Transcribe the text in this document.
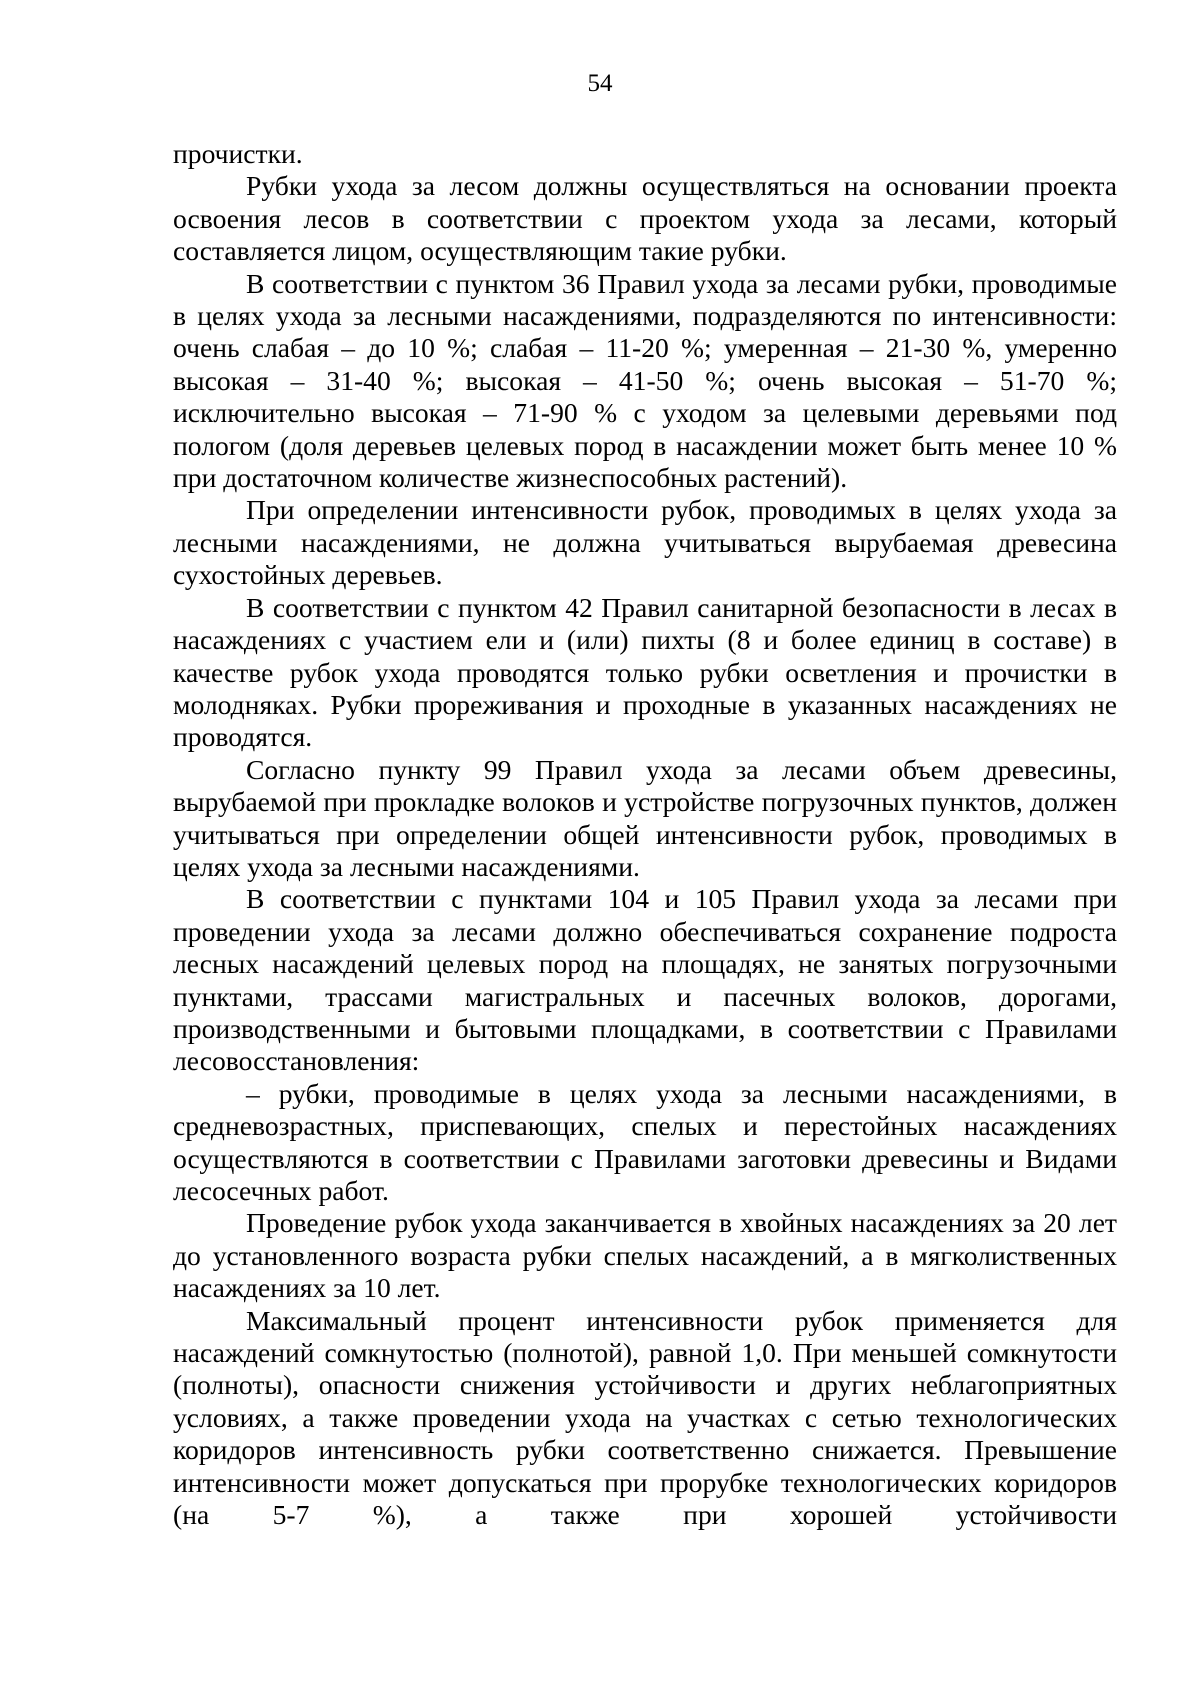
54

прочистки.

Рубки ухода за лесом должны осуществляться на основании проекта освоения лесов в соответствии с проектом ухода за лесами, который составляется лицом, осуществляющим такие рубки.

В соответствии с пунктом 36 Правил ухода за лесами рубки, проводимые в целях ухода за лесными насаждениями, подразделяются по интенсивности: очень слабая – до 10 %; слабая – 11-20 %; умеренная – 21-30 %, умеренно высокая – 31-40 %; высокая – 41-50 %; очень высокая – 51-70 %; исключительно высокая – 71-90 % с уходом за целевыми деревьями под пологом (доля деревьев целевых пород в насаждении может быть менее 10 % при достаточном количестве жизнеспособных растений).

При определении интенсивности рубок, проводимых в целях ухода за лесными насаждениями, не должна учитываться вырубаемая древесина сухостойных деревьев.

В соответствии с пунктом 42 Правил санитарной безопасности в лесах в насаждениях с участием ели и (или) пихты (8 и более единиц в составе) в качестве рубок ухода проводятся только рубки осветления и прочистки в молодняках. Рубки прореживания и проходные в указанных насаждениях не проводятся.

Согласно пункту 99 Правил ухода за лесами объем древесины, вырубаемой при прокладке волоков и устройстве погрузочных пунктов, должен учитываться при определении общей интенсивности рубок, проводимых в целях ухода за лесными насаждениями.

В соответствии с пунктами 104 и 105 Правил ухода за лесами при проведении ухода за лесами должно обеспечиваться сохранение подроста лесных насаждений целевых пород на площадях, не занятых погрузочными пунктами, трассами магистральных и пасечных волоков, дорогами, производственными и бытовыми площадками, в соответствии с Правилами лесовосстановления:

– рубки, проводимые в целях ухода за лесными насаждениями, в средневозрастных, приспевающих, спелых и перестойных насаждениях осуществляются в соответствии с Правилами заготовки древесины и Видами лесосечных работ.

Проведение рубок ухода заканчивается в хвойных насаждениях за 20 лет до установленного возраста рубки спелых насаждений, а в мягколиственных насаждениях за 10 лет.

Максимальный процент интенсивности рубок применяется для насаждений сомкнутостью (полнотой), равной 1,0. При меньшей сомкнутости (полноты), опасности снижения устойчивости и других неблагоприятных условиях, а также проведении ухода на участках с сетью технологических коридоров интенсивность рубки соответственно снижается. Превышение интенсивности может допускаться при прорубке технологических коридоров (на 5-7 %), а также при хорошей устойчивости
